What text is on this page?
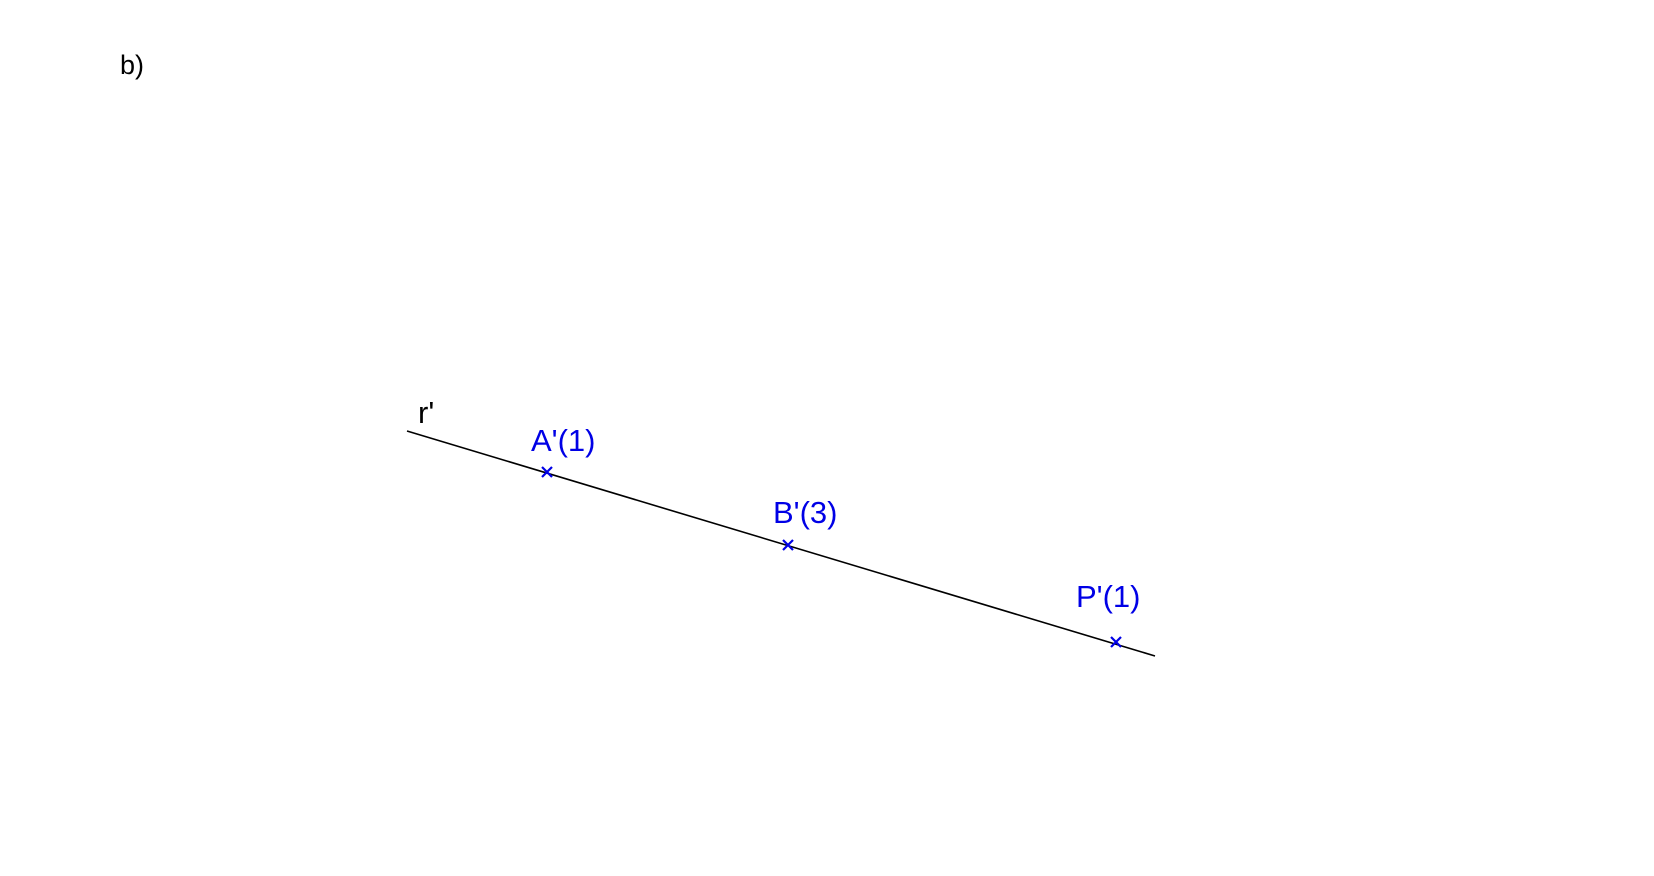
b)
r'
A'(1)
B'(3)
P'(1)
